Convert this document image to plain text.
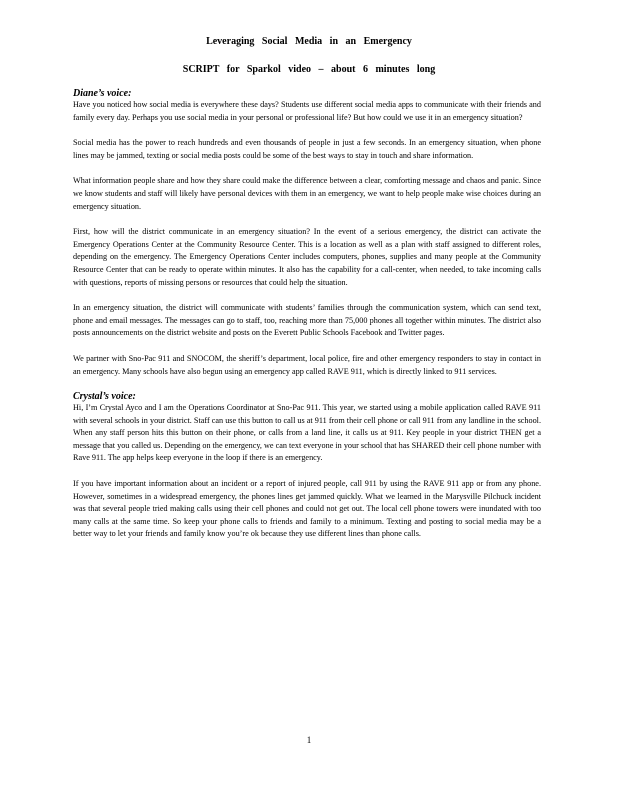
Leveraging Social Media in an Emergency
SCRIPT for Sparkol video – about 6 minutes long
Diane’s voice:

Have you noticed how social media is everywhere these days? Students use different social media apps to communicate with their friends and family every day. Perhaps you use social media in your personal or professional life? But how could we use it in an emergency situation?

Social media has the power to reach hundreds and even thousands of people in just a few seconds. In an emergency situation, when phone lines may be jammed, texting or social media posts could be some of the best ways to stay in touch and share information.

What information people share and how they share could make the difference between a clear, comforting message and chaos and panic. Since we know students and staff will likely have personal devices with them in an emergency, we want to help people make wise choices during an emergency situation.

First, how will the district communicate in an emergency situation? In the event of a serious emergency, the district can activate the Emergency Operations Center at the Community Resource Center. This is a location as well as a plan with staff assigned to different roles, depending on the emergency. The Emergency Operations Center includes computers, phones, supplies and many people at the Community Resource Center that can be ready to operate within minutes. It also has the capability for a call-center, when needed, to take incoming calls with questions, reports of missing persons or resources that could help the situation.

In an emergency situation, the district will communicate with students’ families through the communication system, which can send text, phone and email messages. The messages can go to staff, too, reaching more than 75,000 phones all together within minutes. The district also posts announcements on the district website and posts on the Everett Public Schools Facebook and Twitter pages.

We partner with Sno-Pac 911 and SNOCOM, the sheriff’s department, local police, fire and other emergency responders to stay in contact in an emergency. Many schools have also begun using an emergency app called RAVE 911, which is directly linked to 911 services.

Crystal’s voice:

Hi, I’m Crystal Ayco and I am the Operations Coordinator at Sno-Pac 911. This year, we started using a mobile application called RAVE 911 with several schools in your district. Staff can use this button to call us at 911 from their cell phone or call 911 from any landline in the school. When any staff person hits this button on their phone, or calls from a land line, it calls us at 911. Key people in your district THEN get a message that you called us. Depending on the emergency, we can text everyone in your school that has SHARED their cell phone number with Rave 911. The app helps keep everyone in the loop if there is an emergency.

If you have important information about an incident or a report of injured people, call 911 by using the RAVE 911 app or from any phone. However, sometimes in a widespread emergency, the phones lines get jammed quickly. What we learned in the Marysville Pilchuck incident was that several people tried making calls using their cell phones and could not get out. The local cell phone towers were inundated with too many calls at the same time. So keep your phone calls to friends and family to a minimum. Texting and posting to social media may be a better way to let your friends and family know you’re ok because they use different lines than phone calls.

1
